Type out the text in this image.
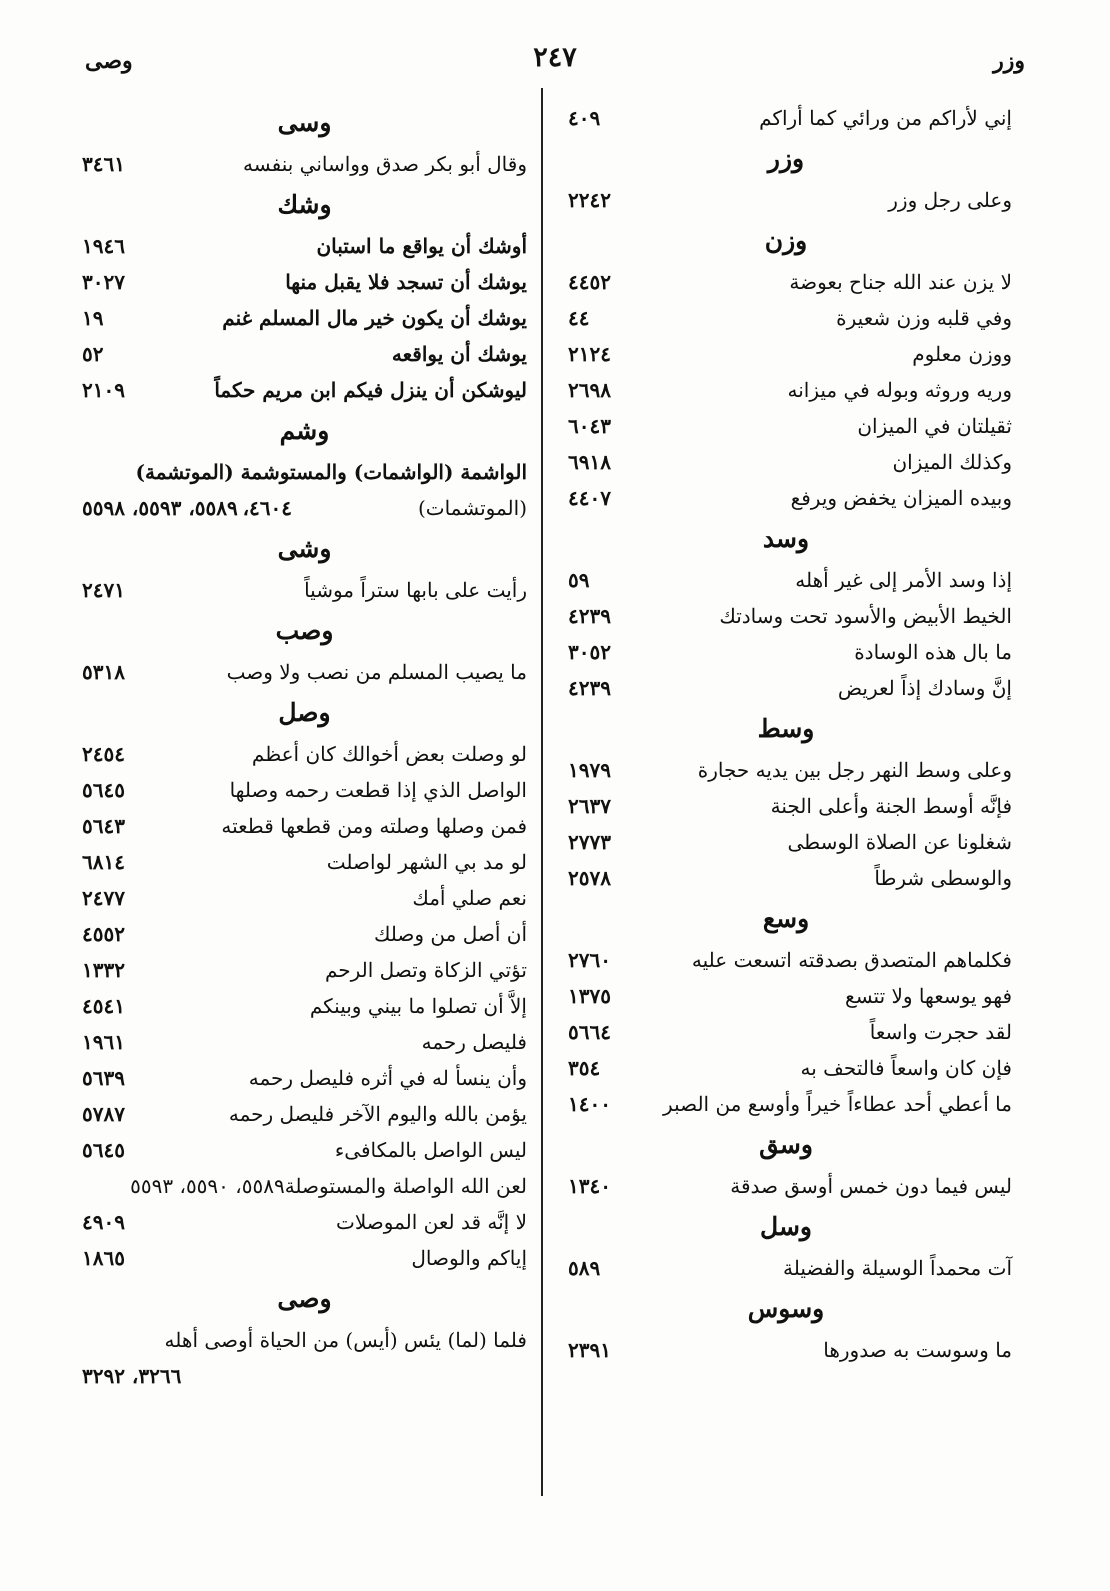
وزر
٢٤٧
وصى
إني لأراكم من ورائي كما أراكم
٤٠٩
وزر
وعلى رجل وزر
٢٢٤٢
وزن
لا يزن عند الله جناح بعوضة
٤٤٥٢
وفي قلبه وزن شعيرة
٤٤
ووزن معلوم
٢١٢٤
وريه وروثه وبوله في ميزانه
٢٦٩٨
ثقيلتان في الميزان
٦٠٤٣
وكذلك الميزان
٦٩١٨
وبيده الميزان يخفض ويرفع
٤٤٠٧
وسد
إذا وسد الأمر إلى غير أهله
٥٩
الخيط الأبيض والأسود تحت وسادتك
٤٢٣٩
ما بال هذه الوسادة
٣٠٥٢
إنَّ وسادك إذاً لعريض
٤٢٣٩
وسط
وعلى وسط النهر رجل بين يديه حجارة
١٩٧٩
فإنَّه أوسط الجنة وأعلى الجنة
٢٦٣٧
شغلونا عن الصلاة الوسطى
٢٧٧٣
والوسطى شرطاً
٢٥٧٨
وسع
فكلماهم المتصدق بصدقته اتسعت عليه
٢٧٦٠
فهو يوسعها ولا تتسع
١٣٧٥
لقد حجرت واسعاً
٥٦٦٤
فإن كان واسعاً فالتحف به
٣٥٤
ما أعطي أحد عطاءاً خيراً وأوسع من الصبر
١٤٠٠
وسق
ليس فيما دون خمس أوسق صدقة
١٣٤٠
وسل
آت محمداً الوسيلة والفضيلة
٥٨٩
وسوس
ما وسوست به صدورها
٢٣٩١
وسى
وقال أبو بكر صدق وواساني بنفسه
٣٤٦١
وشك
أوشك أن يواقع ما استبان
١٩٤٦
يوشك أن تسجد فلا يقبل منها
٣٠٢٧
يوشك أن يكون خير مال المسلم غنم
١٩
يوشك أن يواقعه
٥٢
ليوشكن أن ينزل فيكم ابن مريم حكماً
٢١٠٩
وشم
الواشمة (الواشمات) والمستوشمة (الموتشمة)
(الموتشمات)
٤٦٠٤،
٥٥٨٩، ٥٥٩٣، ٥٥٩٨
وشى
رأيت على بابها ستراً موشياً
٢٤٧١
وصب
ما يصيب المسلم من نصب ولا وصب
٥٣١٨
وصل
لو وصلت بعض أخوالك كان أعظم
٢٤٥٤
الواصل الذي إذا قطعت رحمه وصلها
٥٦٤٥
فمن وصلها وصلته ومن قطعها قطعته
٥٦٤٣
لو مد بي الشهر لواصلت
٦٨١٤
نعم صلي أمك
٢٤٧٧
أن أصل من وصلك
٤٥٥٢
تؤتي الزكاة وتصل الرحم
١٣٣٢
إلاَّ أن تصلوا ما بيني وبينكم
٤٥٤١
فليصل رحمه
١٩٦١
وأن ينسأ له في أثره فليصل رحمه
٥٦٣٩
يؤمن بالله واليوم الآخر فليصل رحمه
٥٧٨٧
ليس الواصل بالمكافىء
٥٦٤٥
لعن الله الواصلة والمستوصلة٥٥٨٩، ٥٥٩٠، ٥٥٩٣
لا إنَّه قد لعن الموصلات
٤٩٠٩
إياكم والوصال
١٨٦٥
وصى
فلما (لما) يئس (أيس) من الحياة أوصى أهله
٣٢٦٦، ٣٢٩٢
